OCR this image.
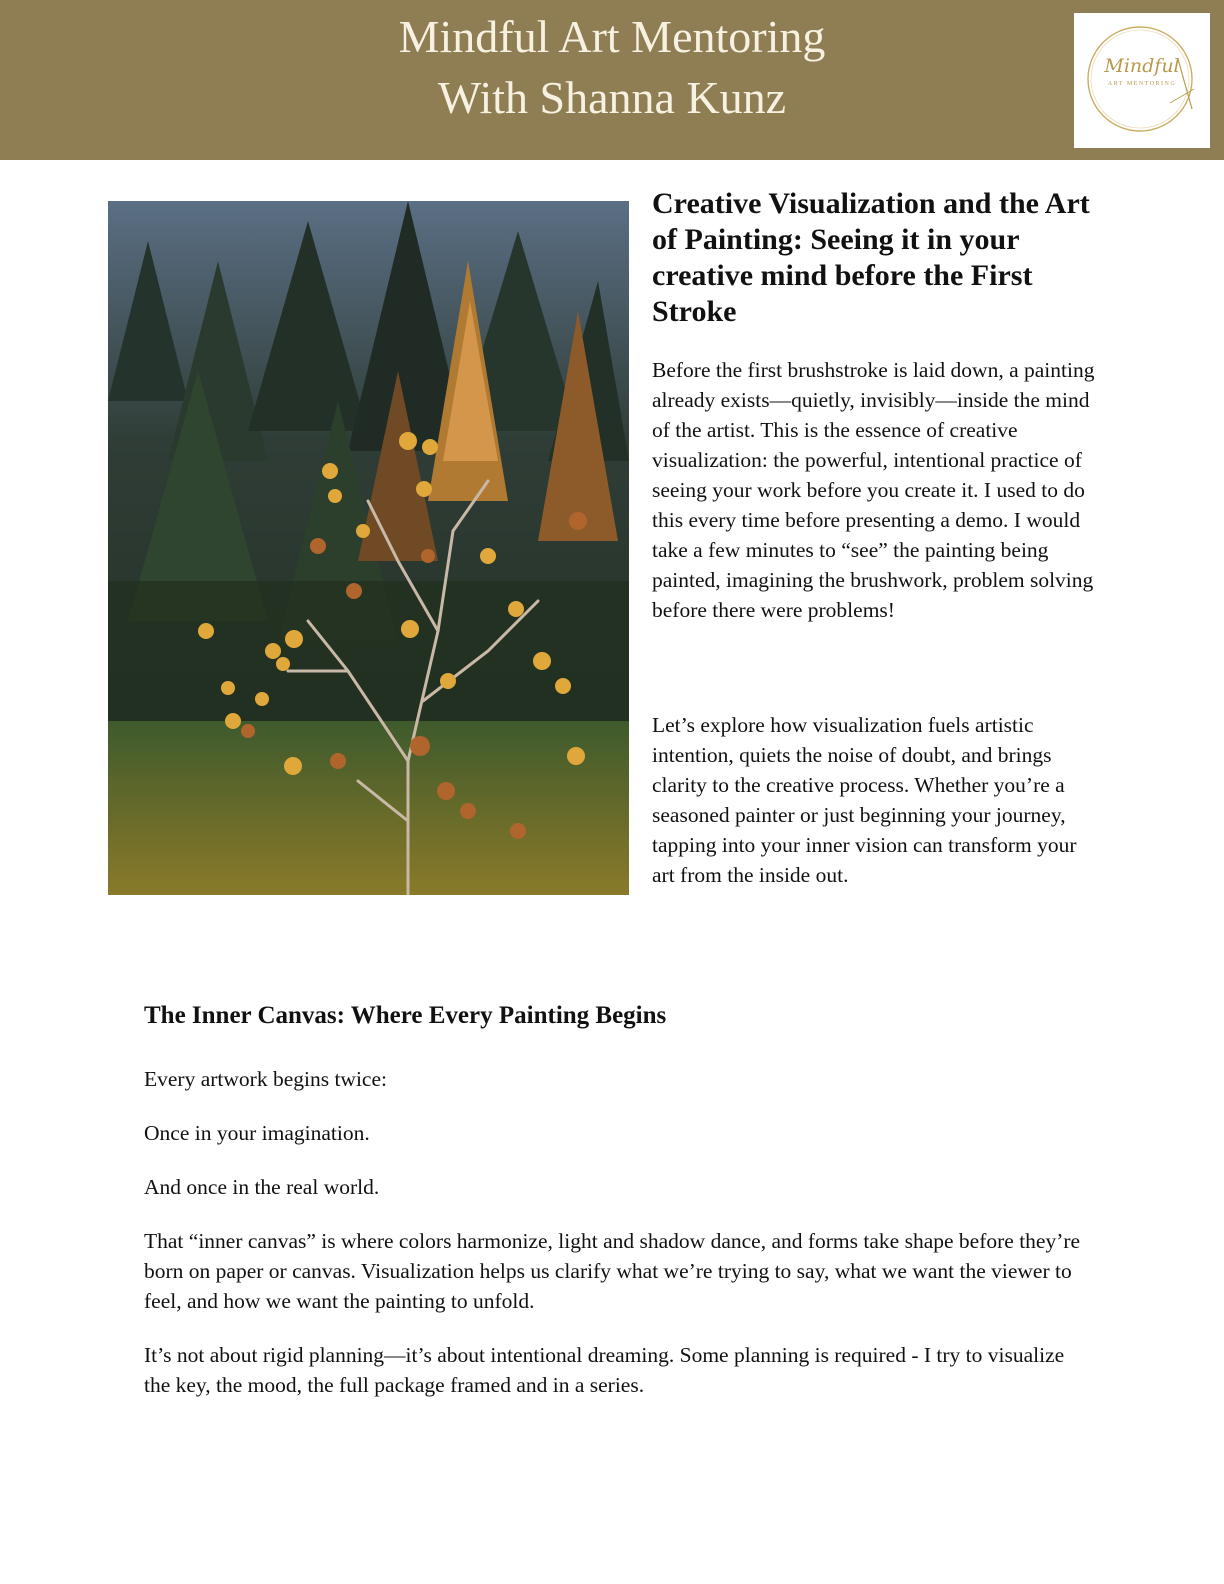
Mindful Art Mentoring
With Shanna Kunz
Mindful
ART MENTORING
Creative Visualization and the Art of Painting: Seeing it in your creative mind before the First Stroke

Before the first brushstroke is laid down, a painting already exists—quietly, invisibly—inside the mind of the artist. This is the essence of creative visualization: the powerful, intentional practice of seeing your work before you create it. I used to do this every time before presenting a demo. I would take a few minutes to “see” the painting being painted, imagining the brushwork, problem solving before there were problems!

Let’s explore how visualization fuels artistic intention, quiets the noise of doubt, and brings clarity to the creative process. Whether you’re a seasoned painter or just beginning your journey, tapping into your inner vision can transform your art from the inside out.

The Inner Canvas: Where Every Painting Begins

Every artwork begins twice:

Once in your imagination.

And once in the real world.

That “inner canvas” is where colors harmonize, light and shadow dance, and forms take shape before they’re born on paper or canvas. Visualization helps us clarify what we’re trying to say, what we want the viewer to feel, and how we want the painting to unfold.

It’s not about rigid planning—it’s about intentional dreaming. Some planning is required - I try to visualize the key, the mood, the full package framed and in a series.
